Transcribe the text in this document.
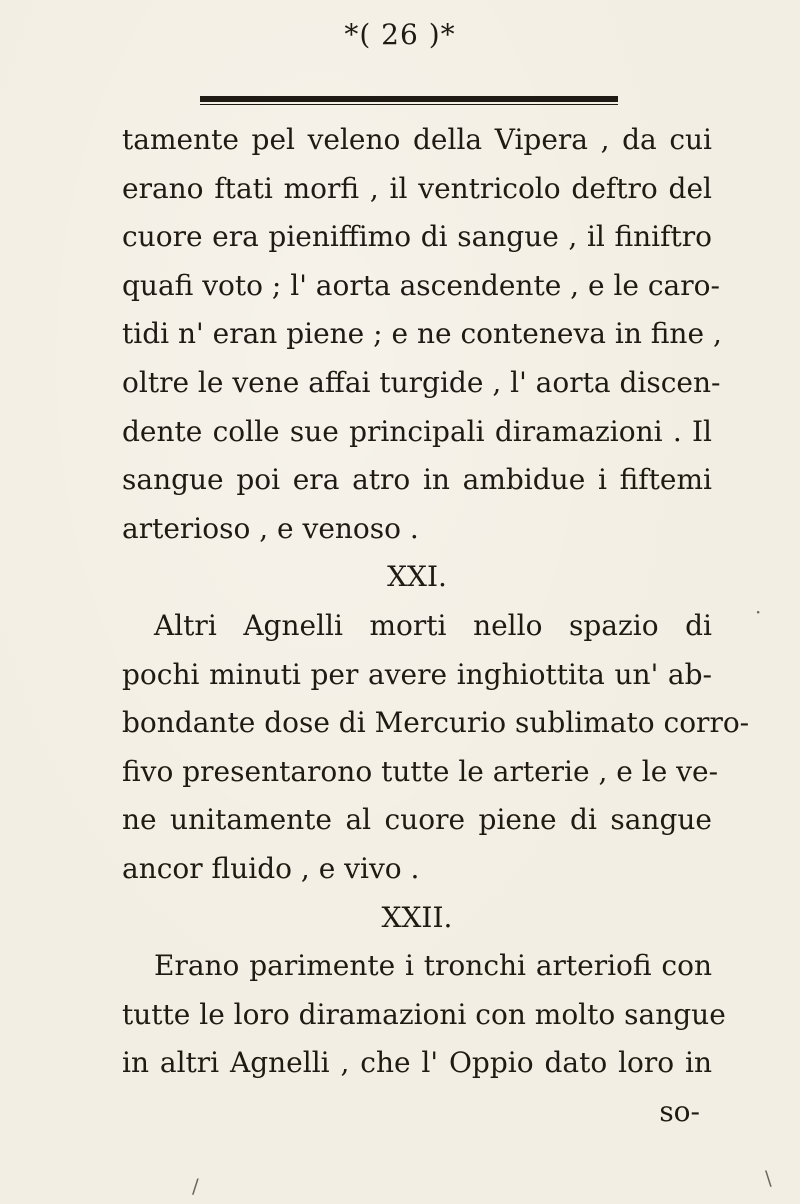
*( 26 )*
tamente pel veleno della Vipera , da cui
erano ftati morfi , il ventricolo deftro del
cuore era pieniffimo di sangue , il finiftro
quafi voto ; l' aorta ascendente , e le caro-
tidi n' eran piene ; e ne conteneva in fine ,
oltre le vene affai turgide , l' aorta discen-
dente colle sue principali diramazioni . Il
sangue poi era atro in ambidue i fiftemi
arterioso , e venoso .
XXI.
Altri Agnelli morti nello spazio di
pochi minuti per avere inghiottita un' ab-
bondante dose di Mercurio sublimato corro-
fivo presentarono tutte le arterie , e le ve-
ne unitamente al cuore piene di sangue
ancor fluido , e vivo .
XXII.
Erano parimente i tronchi arteriofi con
tutte le loro diramazioni con molto sangue
in altri Agnelli , che l' Oppio dato loro in
so-
·
\
/
